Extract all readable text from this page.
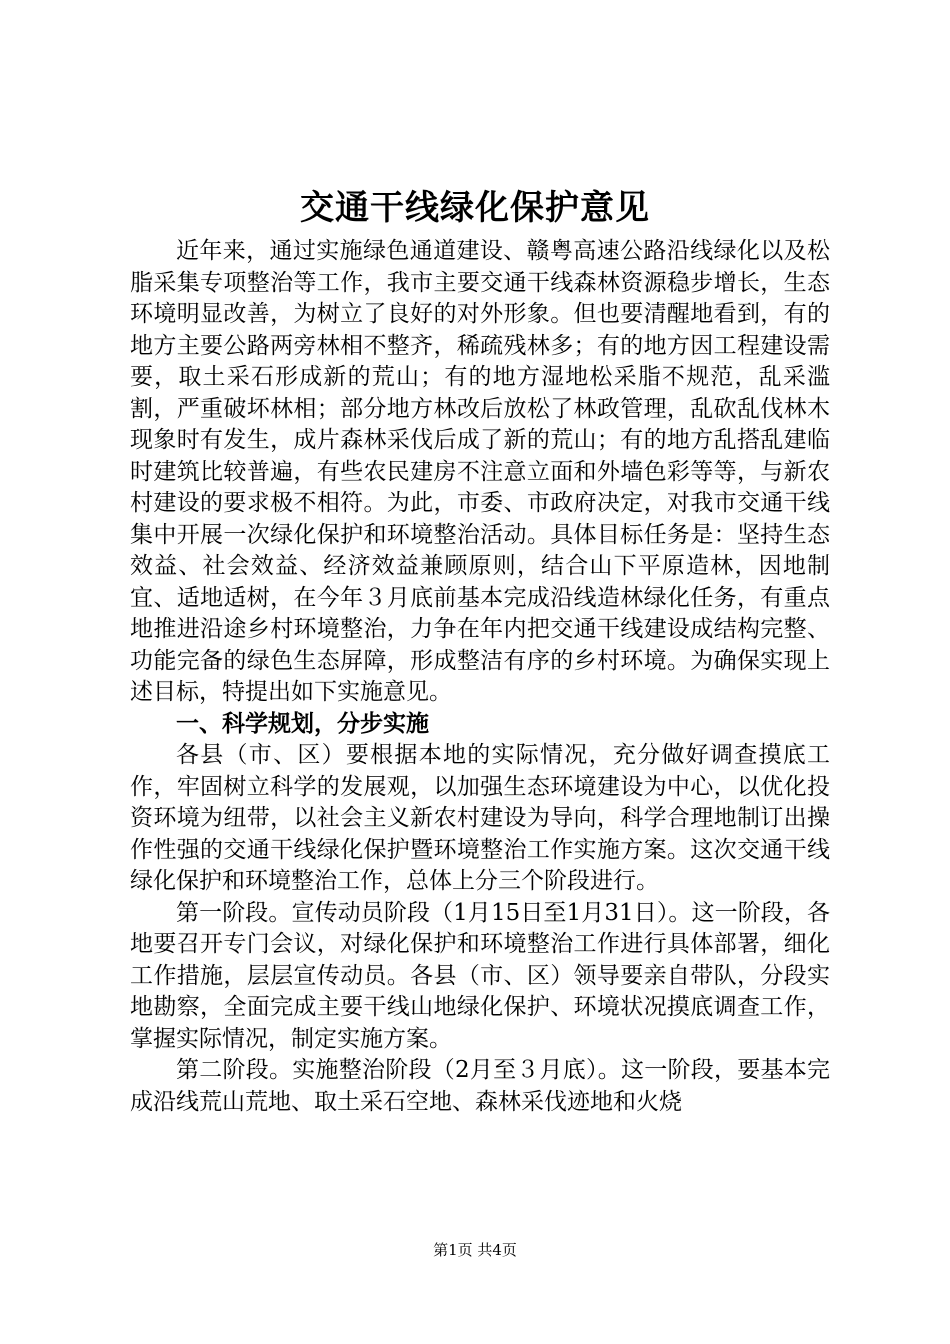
交通干线绿化保护意见

近年来，通过实施绿色通道建设、赣粤高速公路沿线绿化以及松脂采集专项整治等工作，我市主要交通干线森林资源稳步增长，生态环境明显改善，为树立了良好的对外形象。但也要清醒地看到，有的地方主要公路两旁林相不整齐，稀疏残林多；有的地方因工程建设需要，取土采石形成新的荒山；有的地方湿地松采脂不规范，乱采滥割，严重破坏林相；部分地方林改后放松了林政管理，乱砍乱伐林木现象时有发生，成片森林采伐后成了新的荒山；有的地方乱搭乱建临时建筑比较普遍，有些农民建房不注意立面和外墙色彩等等，与新农村建设的要求极不相符。为此，市委、市政府决定，对我市交通干线集中开展一次绿化保护和环境整治活动。具体目标任务是：坚持生态效益、社会效益、经济效益兼顾原则，结合山下平原造林，因地制宜、适地适树，在今年３月底前基本完成沿线造林绿化任务，有重点地推进沿途乡村环境整治，力争在年内把交通干线建设成结构完整、功能完备的绿色生态屏障，形成整洁有序的乡村环境。为确保实现上述目标，特提出如下实施意见。

一、科学规划，分步实施

各县（市、区）要根据本地的实际情况，充分做好调查摸底工作，牢固树立科学的发展观，以加强生态环境建设为中心，以优化投资环境为纽带，以社会主义新农村建设为导向，科学合理地制订出操作性强的交通干线绿化保护暨环境整治工作实施方案。这次交通干线绿化保护和环境整治工作，总体上分三个阶段进行。

第一阶段。宣传动员阶段（1月15日至1月31日）。这一阶段，各地要召开专门会议，对绿化保护和环境整治工作进行具体部署，细化工作措施，层层宣传动员。各县（市、区）领导要亲自带队，分段实地勘察，全面完成主要干线山地绿化保护、环境状况摸底调查工作，掌握实际情况，制定实施方案。

第二阶段。实施整治阶段（2月至３月底）。这一阶段，要基本完成沿线荒山荒地、取土采石空地、森林采伐迹地和火烧

第1页 共4页
